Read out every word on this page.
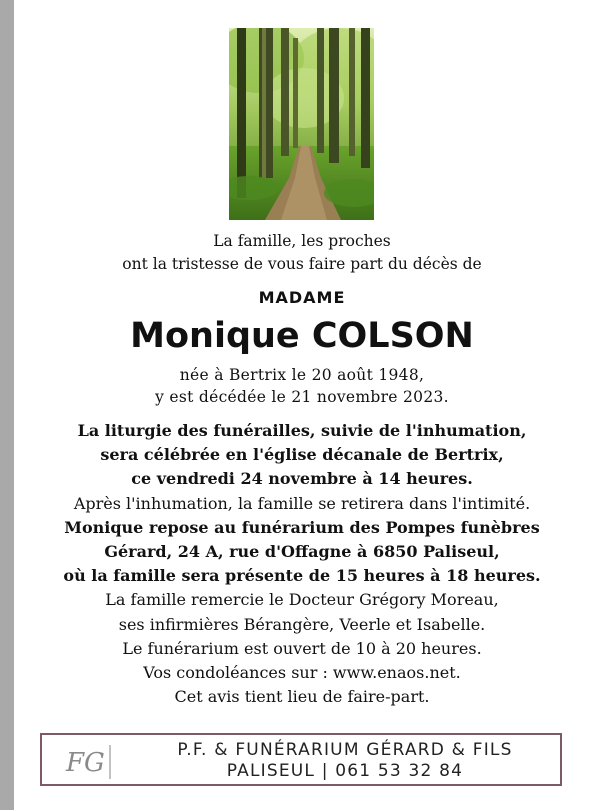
La famille, les proches
ont la tristesse de vous faire part du décès de
MADAME
Monique COLSON
née à Bertrix le 20 août 1948,
y est décédée le 21 novembre 2023.
La liturgie des funérailles, suivie de l'inhumation,
sera célébrée en l'église décanale de Bertrix,
ce vendredi 24 novembre à 14 heures.
Après l'inhumation, la famille se retirera dans l'intimité.
Monique repose au funérarium des Pompes funèbres
Gérard, 24 A, rue d'Offagne à 6850 Paliseul,
où la famille sera présente de 15 heures à 18 heures.
La famille remercie le Docteur Grégory Moreau,
ses infirmières Bérangère, Veerle et Isabelle.
Le funérarium est ouvert de 10 à 20 heures.
Vos condoléances sur : www.enaos.net.
Cet avis tient lieu de faire-part.
FG	P.F. & FUNÉRARIUM GÉRARD & FILS
PALISEUL | 061 53 32 84
